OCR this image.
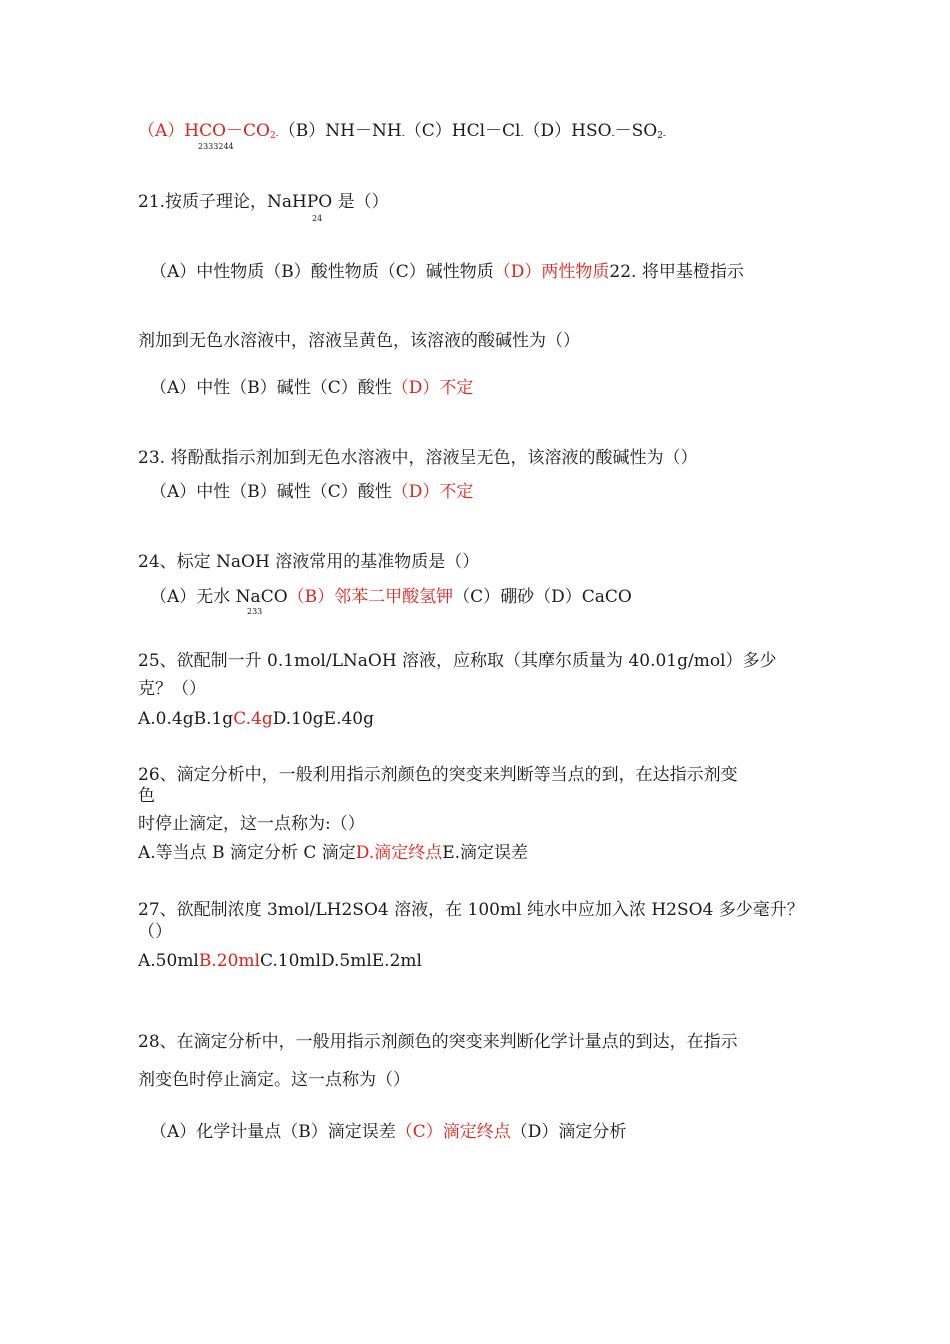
（A）HCO－CO2-（B）NH－NH-（C）HCl－Cl-（D）HSO-－SO2-
2333244
21.按质子理论，NaHPO 是（）
24
（A）中性物质（B）酸性物质（C）碱性物质（D）两性物质22. 将甲基橙指示
剂加到无色水溶液中，溶液呈黄色，该溶液的酸碱性为（）
（A）中性（B）碱性（C）酸性（D）不定
23. 将酚酞指示剂加到无色水溶液中，溶液呈无色，该溶液的酸碱性为（）
（A）中性（B）碱性（C）酸性（D）不定
24、标定 NaOH 溶液常用的基准物质是（）
（A）无水 NaCO（B）邻苯二甲酸氢钾（C）硼砂（D）CaCO
233
25、欲配制一升 0.1mol/LNaOH 溶液，应称取（其摩尔质量为 40.01g/mol）多少
克？（）
A.0.4gB.1gC.4gD.10gE.40g
26、滴定分析中，一般利用指示剂颜色的突变来判断等当点的到，在达指示剂变
色
时停止滴定，这一点称为:（）
A.等当点 B 滴定分析 C 滴定D.滴定终点E.滴定误差
27、欲配制浓度 3mol/LH2SO4 溶液，在 100ml 纯水中应加入浓 H2SO4 多少毫升？
（）
A.50mlB.20mlC.10mlD.5mlE.2ml
28、在滴定分析中，一般用指示剂颜色的突变来判断化学计量点的到达，在指示
剂变色时停止滴定。这一点称为（）
（A）化学计量点（B）滴定误差（C）滴定终点（D）滴定分析
